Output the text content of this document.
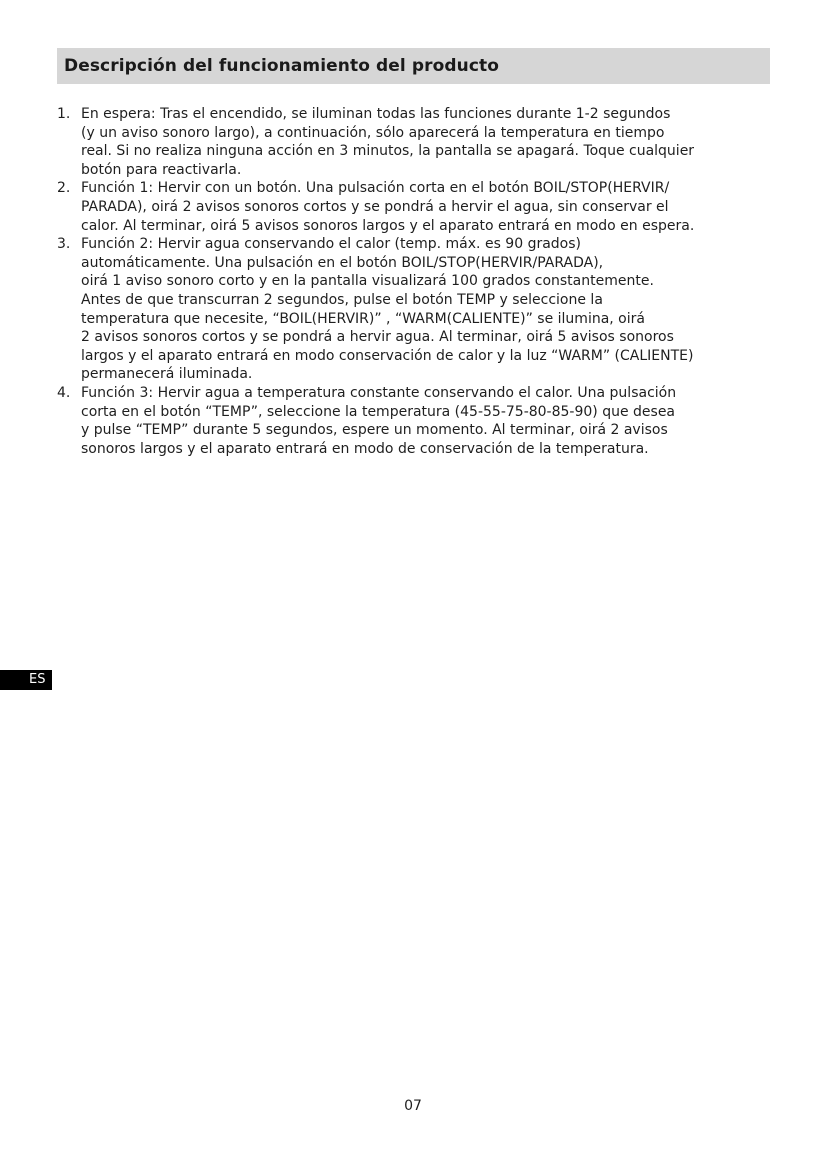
Descripción del funcionamiento del producto
1. En espera: Tras el encendido, se iluminan todas las funciones durante 1-2 segundos
(y un aviso sonoro largo), a continuación, sólo aparecerá la temperatura en tiempo
real. Si no realiza ninguna acción en 3 minutos, la pantalla se apagará. Toque cualquier
botón para reactivarla.
2. Función 1: Hervir con un botón. Una pulsación corta en el botón BOIL/STOP(HERVIR/
PARADA), oirá 2 avisos sonoros cortos y se pondrá a hervir el agua, sin conservar el
calor. Al terminar, oirá 5 avisos sonoros largos y el aparato entrará en modo en espera.
3. Función 2: Hervir agua conservando el calor (temp. máx. es 90 grados)
automáticamente. Una pulsación en el botón BOIL/STOP(HERVIR/PARADA),
oirá 1 aviso sonoro corto y en la pantalla visualizará 100 grados constantemente.
Antes de que transcurran 2 segundos, pulse el botón TEMP y seleccione la
temperatura que necesite, “BOIL(HERVIR)” , “WARM(CALIENTE)” se ilumina, oirá
2 avisos sonoros cortos y se pondrá a hervir agua. Al terminar, oirá 5 avisos sonoros
largos y el aparato entrará en modo conservación de calor y la luz “WARM” (CALIENTE)
permanecerá iluminada.
4. Función 3: Hervir agua a temperatura constante conservando el calor. Una pulsación
corta en el botón “TEMP”, seleccione la temperatura (45-55-75-80-85-90) que desea
y pulse “TEMP” durante 5 segundos, espere un momento. Al terminar, oirá 2 avisos
sonoros largos y el aparato entrará en modo de conservación de la temperatura.
ES
07
